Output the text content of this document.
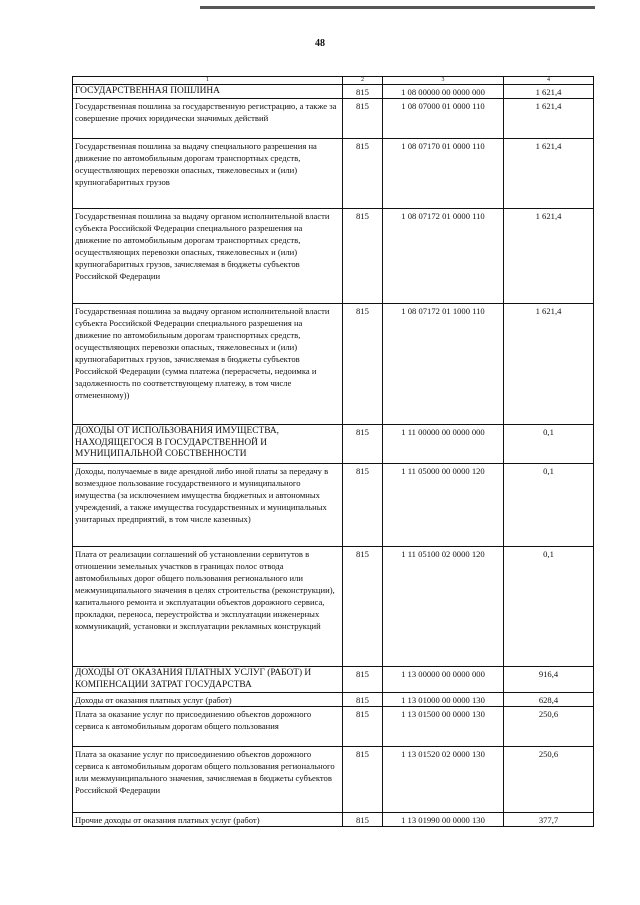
48
1	2	3	4
ГОСУДАРСТВЕННАЯ ПОШЛИНА	815	1 08 00000 00 0000 000	1 621,4
Государственная пошлина за государственную регистрацию, а также за совершение прочих юридически значимых действий	815	1 08 07000 01 0000 110	1 621,4
Государственная пошлина за выдачу специального разрешения на движение по автомобильным дорогам транспортных средств, осуществляющих перевозки опасных, тяжеловесных и (или) крупногабаритных грузов	815	1 08 07170 01 0000 110	1 621,4
Государственная пошлина за выдачу органом исполнительной власти субъекта Российской Федерации специального разрешения на движение по автомобильным дорогам транспортных средств, осуществляющих перевозки опасных, тяжеловесных и (или) крупногабаритных грузов, зачисляемая в бюджеты субъектов Российской Федерации	815	1 08 07172 01 0000 110	1 621,4
Государственная пошлина за выдачу органом исполнительной власти субъекта Российской Федерации специального разрешения на движение по автомобильным дорогам транспортных средств, осуществляющих перевозки опасных, тяжеловесных и (или) крупногабаритных грузов, зачисляемая в бюджеты субъектов Российской Федерации (сумма платежа (перерасчеты, недоимка и задолженность по соответствующему платежу, в том числе отмененному))	815	1 08 07172 01 1000 110	1 621,4
ДОХОДЫ ОТ ИСПОЛЬЗОВАНИЯ ИМУЩЕСТВА, НАХОДЯЩЕГОСЯ В ГОСУДАРСТВЕННОЙ И МУНИЦИПАЛЬНОЙ СОБСТВЕННОСТИ	815	1 11 00000 00 0000 000	0,1
Доходы, получаемые в виде арендной либо иной платы за передачу в возмездное пользование государственного и муниципального имущества (за исключением имущества бюджетных и автономных учреждений, а также имущества государственных и муниципальных унитарных предприятий, в том числе казенных)	815	1 11 05000 00 0000 120	0,1
Плата от реализации соглашений об установлении сервитутов в отношении земельных участков в границах полос отвода автомобильных дорог общего пользования регионального или межмуниципального значения в целях строительства (реконструкции), капитального ремонта и эксплуатации объектов дорожного сервиса, прокладки, переноса, переустройства и эксплуатации инженерных коммуникаций, установки и эксплуатации рекламных конструкций	815	1 11 05100 02 0000 120	0,1
ДОХОДЫ ОТ ОКАЗАНИЯ ПЛАТНЫХ УСЛУГ (РАБОТ) И КОМПЕНСАЦИИ ЗАТРАТ ГОСУДАРСТВА	815	1 13 00000 00 0000 000	916,4
Доходы от оказания платных услуг (работ)	815	1 13 01000 00 0000 130	628,4
Плата за оказание услуг по присоединению объектов дорожного сервиса к автомобильным дорогам общего пользования	815	1 13 01500 00 0000 130	250,6
Плата за оказание услуг по присоединению объектов дорожного сервиса к автомобильным дорогам общего пользования регионального или межмуниципального значения, зачисляемая в бюджеты субъектов Российской Федерации	815	1 13 01520 02 0000 130	250,6
Прочие доходы от оказания платных услуг (работ)	815	1 13 01990 00 0000 130	377,7
